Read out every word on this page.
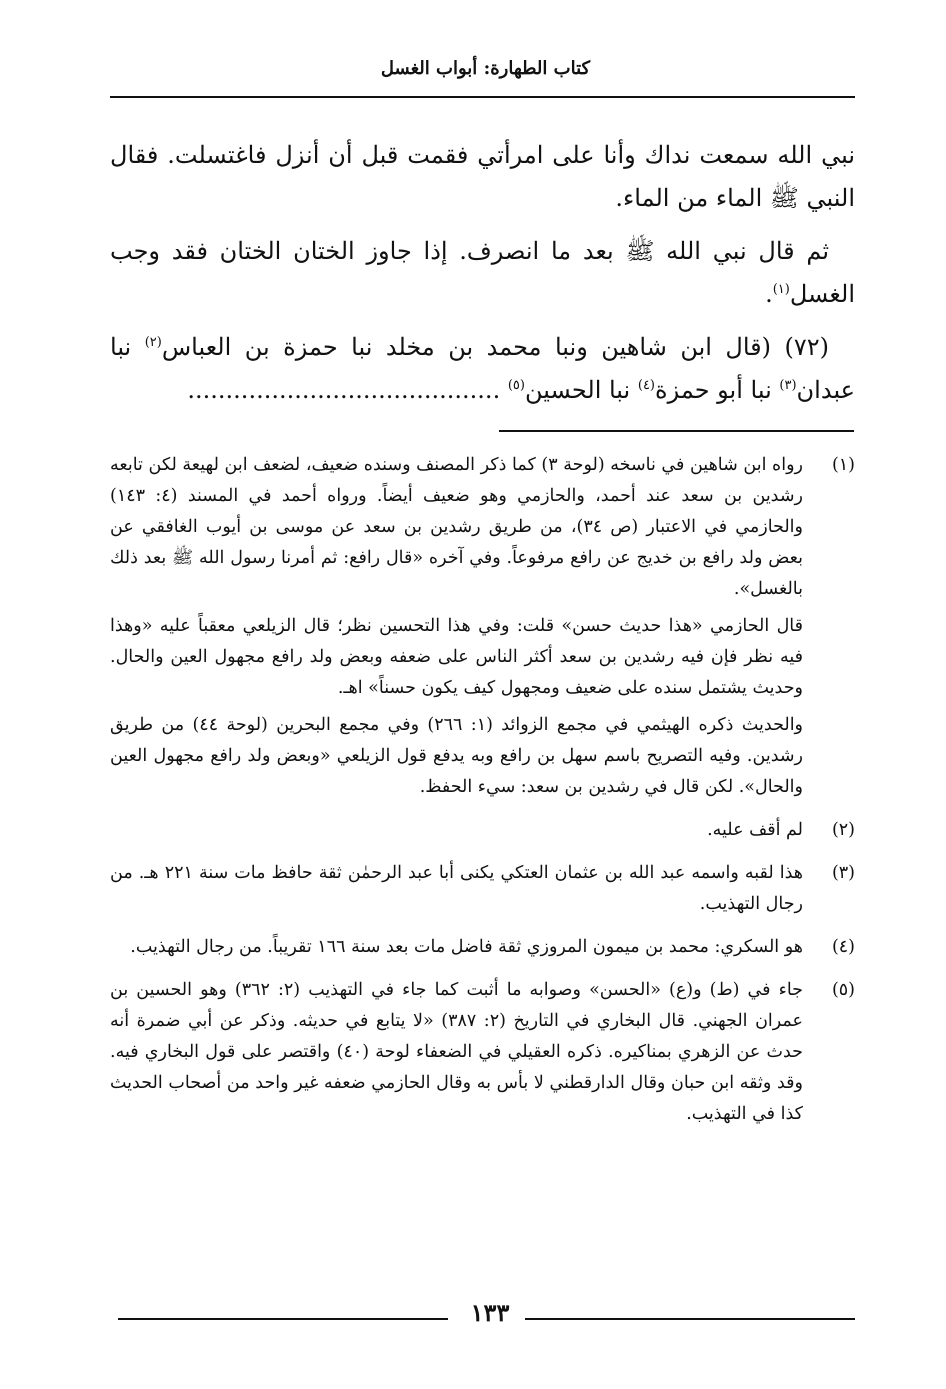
كتاب الطهارة: أبواب الغسل

نبي الله سمعت نداك وأنا على امرأتي فقمت قبل أن أنزل فاغتسلت. فقال النبي ﷺ الماء من الماء.

ثم قال نبي الله ﷺ بعد ما انصرف. إذا جاوز الختان الختان فقد وجب الغسل$^{(١)}$.

(٧٢) (قال ابن شاهين ونبا محمد بن مخلد نبا حمزة بن العباس$^{(٢)}$ نبا عبدان$^{(٣)}$ نبا أبو حمزة$^{(٤)}$ نبا الحسين$^{(٥)}$ .........................................

(١)

رواه ابن شاهين في ناسخه (لوحة ٣) كما ذكر المصنف وسنده ضعيف، لضعف ابن لهيعة لكن تابعه رشدين بن سعد عند أحمد، والحازمي وهو ضعيف أيضاً. ورواه أحمد في المسند (٤: ١٤٣) والحازمي في الاعتبار (ص ٣٤)، من طريق رشدين بن سعد عن موسى بن أيوب الغافقي عن بعض ولد رافع بن خديج عن رافع مرفوعاً. وفي آخره «قال رافع: ثم أمرنا رسول الله ﷺ بعد ذلك بالغسل».

قال الحازمي «هذا حديث حسن» قلت: وفي هذا التحسين نظر؛ قال الزيلعي معقباً عليه «وهذا فيه نظر فإن فيه رشدين بن سعد أكثر الناس على ضعفه وبعض ولد رافع مجهول العين والحال. وحديث يشتمل سنده على ضعيف ومجهول كيف يكون حسناً» اهـ.

والحديث ذكره الهيثمي في مجمع الزوائد (١: ٢٦٦) وفي مجمع البحرين (لوحة ٤٤) من طريق رشدين. وفيه التصريح باسم سهل بن رافع وبه يدفع قول الزيلعي «وبعض ولد رافع مجهول العين والحال». لكن قال في رشدين بن سعد: سيء الحفظ.

(٢)

لم أقف عليه.

(٣)

هذا لقبه واسمه عبد الله بن عثمان العتكي يكنى أبا عبد الرحمٰن ثقة حافظ مات سنة ٢٢١ هـ. من رجال التهذيب.

(٤)

هو السكري: محمد بن ميمون المروزي ثقة فاضل مات بعد سنة ١٦٦ تقريباً. من رجال التهذيب.

(٥)

جاء في (ط) و(ع) «الحسن» وصوابه ما أثبت كما جاء في التهذيب (٢: ٣٦٢) وهو الحسين بن عمران الجهني. قال البخاري في التاريخ (٢: ٣٨٧) «لا يتابع في حديثه. وذكر عن أبي ضمرة أنه حدث عن الزهري بمناكيره. ذكره العقيلي في الضعفاء لوحة (٤٠) واقتصر على قول البخاري فيه. وقد وثقه ابن حبان وقال الدارقطني لا بأس به وقال الحازمي ضعفه غير واحد من أصحاب الحديث كذا في التهذيب.

١٣٣
